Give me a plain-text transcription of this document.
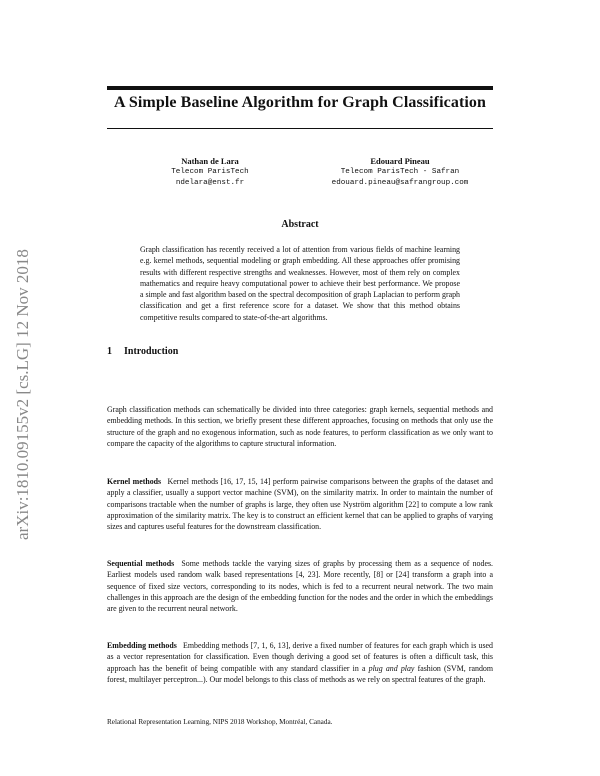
arXiv:1810.09155v2 [cs.LG] 12 Nov 2018
A Simple Baseline Algorithm for Graph Classification
Nathan de Lara
Telecom ParisTech
ndelara@enst.fr
Edouard Pineau
Telecom ParisTech - Safran
edouard.pineau@safrangroup.com
Abstract
Graph classification has recently received a lot of attention from various fields of machine learning e.g. kernel methods, sequential modeling or graph embedding. All these approaches offer promising results with different respective strengths and weaknesses. However, most of them rely on complex mathematics and require heavy computational power to achieve their best performance. We propose a simple and fast algorithm based on the spectral decomposition of graph Laplacian to perform graph classification and get a first reference score for a dataset. We show that this method obtains competitive results compared to state-of-the-art algorithms.
1 Introduction
Graph classification methods can schematically be divided into three categories: graph kernels, sequential methods and embedding methods. In this section, we briefly present these different approaches, focusing on methods that only use the structure of the graph and no exogenous information, such as node features, to perform classification as we only want to compare the capacity of the algorithms to capture structural information.
Kernel methods Kernel methods [16, 17, 15, 14] perform pairwise comparisons between the graphs of the dataset and apply a classifier, usually a support vector machine (SVM), on the similarity matrix. In order to maintain the number of comparisons tractable when the number of graphs is large, they often use Nyström algorithm [22] to compute a low rank approximation of the similarity matrix. The key is to construct an efficient kernel that can be applied to graphs of varying sizes and captures useful features for the downstream classification.
Sequential methods Some methods tackle the varying sizes of graphs by processing them as a sequence of nodes. Earliest models used random walk based representations [4, 23]. More recently, [8] or [24] transform a graph into a sequence of fixed size vectors, corresponding to its nodes, which is fed to a recurrent neural network. The two main challenges in this approach are the design of the embedding function for the nodes and the order in which the embeddings are given to the recurrent neural network.
Embedding methods Embedding methods [7, 1, 6, 13], derive a fixed number of features for each graph which is used as a vector representation for classification. Even though deriving a good set of features is often a difficult task, this approach has the benefit of being compatible with any standard classifier in a plug and play fashion (SVM, random forest, multilayer perceptron...). Our model belongs to this class of methods as we rely on spectral features of the graph.
Relational Representation Learning, NIPS 2018 Workshop, Montréal, Canada.
